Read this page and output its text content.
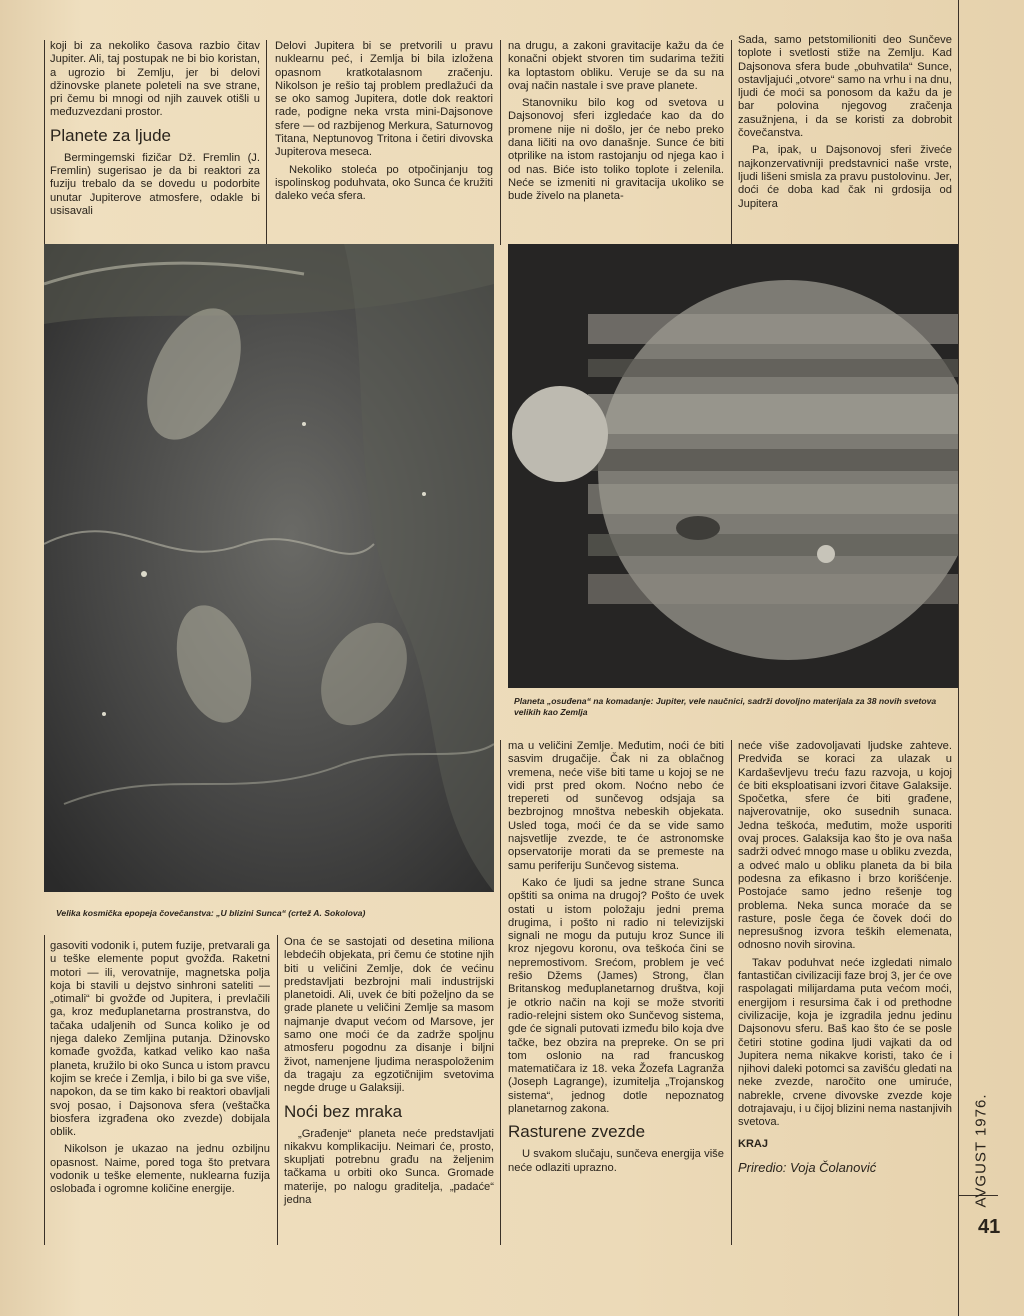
koji bi za nekoliko časova razbio čitav Jupiter. Ali, taj postupak ne bi bio koristan, a ugrozio bi Zemlju, jer bi delovi džinovske planete poleteli na sve strane, pri čemu bi mnogi od njih zauvek otišli u međuzvezdani prostor.

Planete za ljude

Bermingemski fizičar Dž. Fremlin (J. Fremlin) sugerisao je da bi reaktori za fuziju trebalo da se dovedu u podorbite unutar Jupiterove atmosfere, odakle bi usisavali

Delovi Jupitera bi se pretvorili u pravu nuklearnu peć, i Zemlja bi bila izložena opasnom kratkotalasnom zračenju. Nikolson je rešio taj problem predlažući da se oko samog Jupitera, dotle dok reaktori rade, podigne neka vrsta mini-Dajsonove sfere — od razbijenog Merkura, Saturnovog Titana, Neptunovog Tritona i četiri divovska Jupiterova meseca.

Nekoliko stoleća po otpočinjanju tog ispolinskog poduhvata, oko Sunca će kružiti daleko veća sfera.

na drugu, a zakoni gravitacije kažu da će konačni objekt stvoren tim sudarima težiti ka loptastom obliku. Veruje se da su na ovaj način nastale i sve prave planete.

Stanovniku bilo kog od svetova u Dajsonovoj sferi izgledaće kao da do promene nije ni došlo, jer će nebo preko dana ličiti na ovo današnje. Sunce će biti otprilike na istom rastojanju od njega kao i od nas. Biće isto toliko toplote i zelenila. Neće se izmeniti ni gravitacija ukoliko se bude živelo na planeta-

Sada, samo petstomilioniti deo Sunčeve toplote i svetlosti stiže na Zemlju. Kad Dajsonova sfera bude „obuhvatila“ Sunce, ostavljajući „otvore“ samo na vrhu i na dnu, ljudi će moći sa ponosom da kažu da je bar polovina njegovog zračenja zasužnjena, i da se koristi za dobrobit čovečanstva.

Pa, ipak, u Dajsonovoj sferi živeće najkonzervativniji predstavnici naše vrste, ljudi lišeni smisla za pravu pustolovinu. Jer, doći će doba kad čak ni grdosija od Jupitera

Velika kosmička epopeja čovečanstva: „U blizini Sunca“ (crtež A. Sokolova)
Planeta „osuđena“ na komadanje: Jupiter, vele naučnici, sadrži dovoljno materijala za 38 novih svetova velikih kao Zemlja

gasoviti vodonik i, putem fuzije, pretvarali ga u teške elemente poput gvožđa. Raketni motori — ili, verovatnije, magnetska polja koja bi stavili u dejstvo sinhroni sateliti — „otimali“ bi gvožđe od Jupitera, i prevlačili ga, kroz međuplanetarna prostranstva, do tačaka udaljenih od Sunca koliko je od njega daleko Zemljina putanja. Džinovsko komađe gvožđa, katkad veliko kao naša planeta, kružilo bi oko Sunca u istom pravcu kojim se kreće i Zemlja, i bilo bi ga sve više, napokon, da se tim kako bi reaktori obavljali svoj posao, i Dajsonova sfera (veštačka biosfera izgrađena oko zvezde) dobijala oblik.

Nikolson je ukazao na jednu ozbiljnu opasnost. Naime, pored toga što pretvara vodonik u teške elemente, nuklearna fuzija oslobađa i ogromne količine energije.

Ona će se sastojati od desetina miliona lebdećih objekata, pri čemu će stotine njih biti u veličini Zemlje, dok će većinu predstavljati bezbrojni mali industrijski planetoidi. Ali, uvek će biti poželjno da se grade planete u veličini Zemlje sa masom najmanje dvaput većom od Marsove, jer samo one moći će da zadrže spoljnu atmosferu pogodnu za disanje i biljni život, namenjene ljudima neraspoloženim da tragaju za egzotičnijim svetovima negde druge u Galaksiji.

Noći bez mraka

„Građenje“ planeta neće predstavljati nikakvu komplikaciju. Neimari će, prosto, skupljati potrebnu građu na željenim tačkama u orbiti oko Sunca. Gromade materije, po nalogu graditelja, „padaće“ jedna

ma u veličini Zemlje. Međutim, noći će biti sasvim drugačije. Čak ni za oblačnog vremena, neće više biti tame u kojoj se ne vidi prst pred okom. Noćno nebo će trepereti od sunčevog odsjaja sa bezbrojnog mnoštva nebeskih objekata. Usled toga, moći će da se vide samo najsvetlije zvezde, te će astronomske opservatorije morati da se premeste na samu periferiju Sunčevog sistema.

Kako će ljudi sa jedne strane Sunca opštiti sa onima na drugoj? Pošto će uvek ostati u istom položaju jedni prema drugima, i pošto ni radio ni televizijski signali ne mogu da putuju kroz Sunce ili kroz njegovu koronu, ova teškoća čini se nepremostivom. Srećom, problem je već rešio Džems (James) Strong, član Britanskog međuplanetarnog društva, koji je otkrio način na koji se može stvoriti radio-relejni sistem oko Sunčevog sistema, gde će signali putovati između bilo koja dve tačke, bez obzira na prepreke. On se pri tom oslonio na rad francuskog matematičara iz 18. veka Žozefa Lagranža (Joseph Lagrange), izumitelja „Trojanskog sistema“, jednog dotle nepoznatog planetarnog zakona.

Rasturene zvezde

U svakom slučaju, sunčeva energija više neće odlaziti uprazno.

neće više zadovoljavati ljudske zahteve. Predviđa se koraci za ulazak u Kardaševljevu treću fazu razvoja, u kojoj će biti eksploatisani izvori čitave Galaksije. Spočetka, sfere će biti građene, najverovatnije, oko susednih sunaca. Jedna teškoća, međutim, može usporiti ovaj proces. Galaksija kao što je ova naša sadrži odveć mnogo mase u obliku zvezda, a odveć malo u obliku planeta da bi bila podesna za efikasno i brzo korišćenje. Postojaće samo jedno rešenje tog problema. Neka sunca moraće da se rasture, posle čega će čovek doći do nepresušnog izvora teških elemenata, odnosno novih sirovina.

Takav poduhvat neće izgledati nimalo fantastičan civilizaciji faze broj 3, jer će ove raspolagati milijardama puta većom moći, energijom i resursima čak i od prethodne civilizacije, koja je izgradila jednu jedinu Dajsonovu sferu. Baš kao što će se posle četiri stotine godina ljudi vajkati da od Jupitera nema nikakve koristi, tako će i njihovi daleki potomci sa zavišću gledati na neke zvezde, naročito one umiruće, nabrekle, crvene divovske zvezde koje dotrajavaju, i u čijoj blizini nema nastanjivih svetova.

KRAJ
Priredio: Voja Čolanović	AVGUST 1976.
41
